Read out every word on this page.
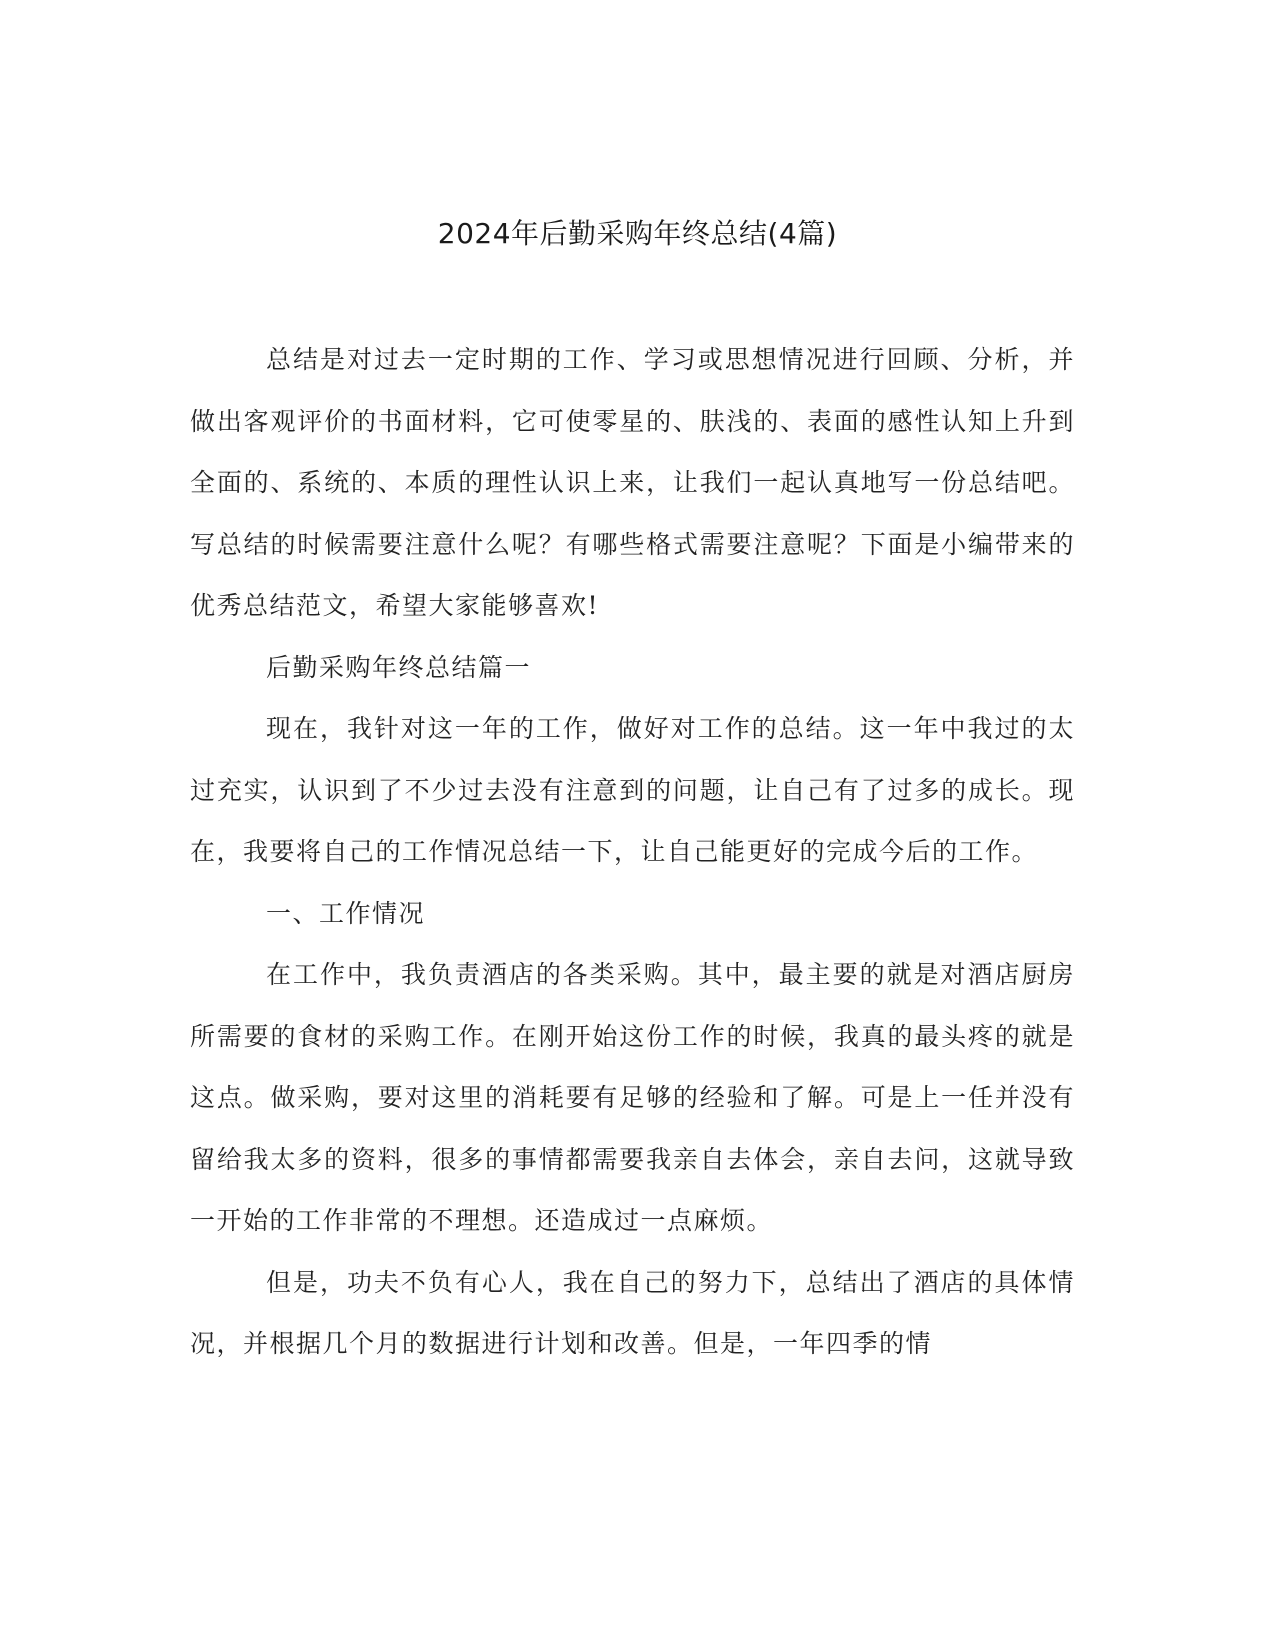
2024年后勤采购年终总结(4篇)

总结是对过去一定时期的工作、学习或思想情况进行回顾、分析，并做出客观评价的书面材料，它可使零星的、肤浅的、表面的感性认知上升到全面的、系统的、本质的理性认识上来，让我们一起认真地写一份总结吧。写总结的时候需要注意什么呢？有哪些格式需要注意呢？下面是小编带来的优秀总结范文，希望大家能够喜欢!

后勤采购年终总结篇一

现在，我针对这一年的工作，做好对工作的总结。这一年中我过的太过充实，认识到了不少过去没有注意到的问题，让自己有了过多的成长。现在，我要将自己的工作情况总结一下，让自己能更好的完成今后的工作。

一、工作情况

在工作中，我负责酒店的各类采购。其中，最主要的就是对酒店厨房所需要的食材的采购工作。在刚开始这份工作的时候，我真的最头疼的就是这点。做采购，要对这里的消耗要有足够的经验和了解。可是上一任并没有留给我太多的资料，很多的事情都需要我亲自去体会，亲自去问，这就导致一开始的工作非常的不理想。还造成过一点麻烦。

但是，功夫不负有心人，我在自己的努力下，总结出了酒店的具体情况，并根据几个月的数据进行计划和改善。但是，一年四季的情
